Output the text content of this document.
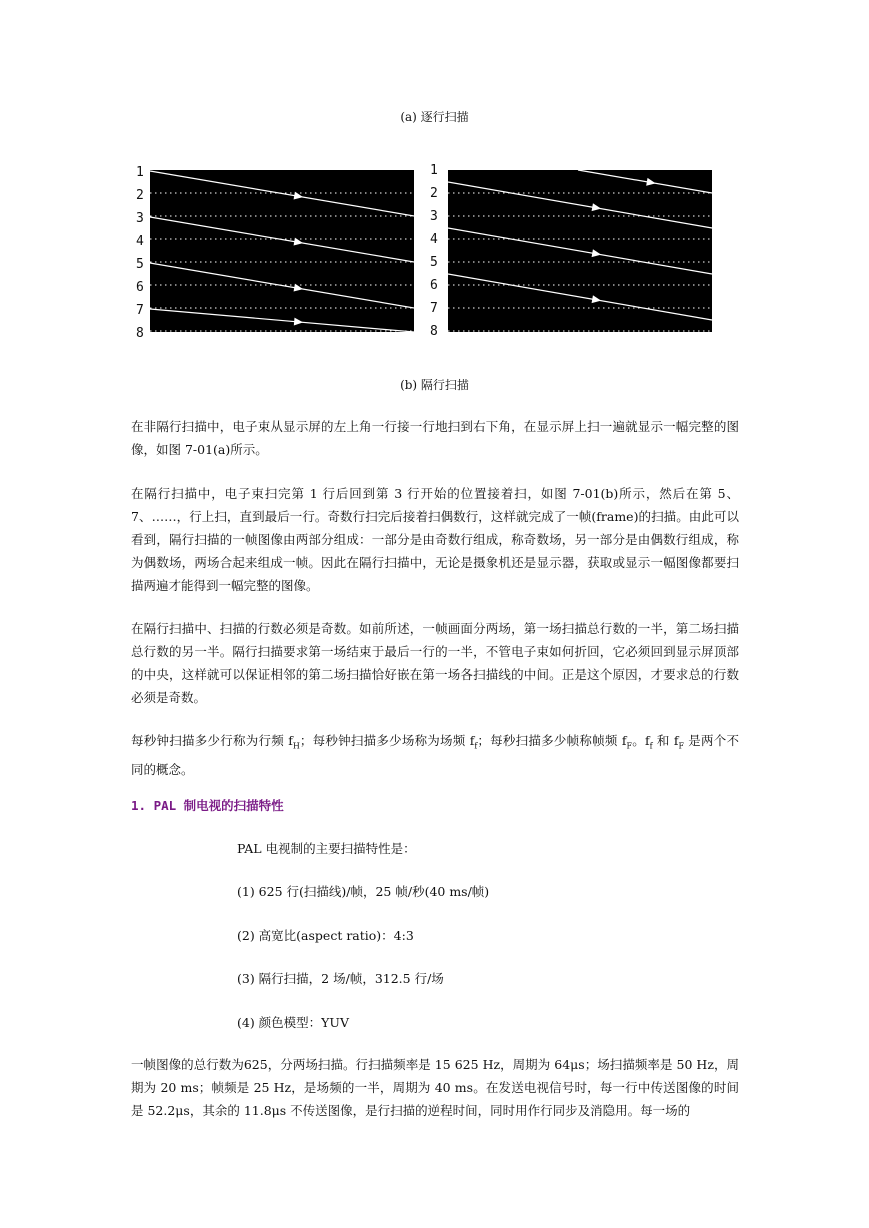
(a) 逐行扫描
1
2
3
4
5
6
7
8
1
2
3
4
5
6
7
8
(b) 隔行扫描

在非隔行扫描中，电子束从显示屏的左上角一行接一行地扫到右下角，在显示屏上扫一遍就显示一幅完整的图像，如图 7-01(a)所示。

在隔行扫描中，电子束扫完第 1 行后回到第 3 行开始的位置接着扫，如图 7-01(b)所示，然后在第 5、7、……，行上扫，直到最后一行。奇数行扫完后接着扫偶数行，这样就完成了一帧(frame)的扫描。由此可以看到，隔行扫描的一帧图像由两部分组成：一部分是由奇数行组成，称奇数场，另一部分是由偶数行组成，称为偶数场，两场合起来组成一帧。因此在隔行扫描中，无论是摄象机还是显示器，获取或显示一幅图像都要扫描两遍才能得到一幅完整的图像。

在隔行扫描中、扫描的行数必须是奇数。如前所述，一帧画面分两场，第一场扫描总行数的一半，第二场扫描总行数的另一半。隔行扫描要求第一场结束于最后一行的一半，不管电子束如何折回，它必须回到显示屏顶部的中央，这样就可以保证相邻的第二场扫描恰好嵌在第一场各扫描线的中间。正是这个原因，才要求总的行数必须是奇数。

每秒钟扫描多少行称为行频 $f_H$；每秒钟扫描多少场称为场频 $f_f$；每秒扫描多少帧称帧频 $f_F$。$f_f$ 和 $f_F$ 是两个不同的概念。

1. PAL 制电视的扫描特性

PAL 电视制的主要扫描特性是：

(1) 625 行(扫描线)/帧，25 帧/秒(40 ms/帧)

(2) 高宽比(aspect ratio)：4:3

(3) 隔行扫描，2 场/帧，312.5 行/场

(4) 颜色模型：YUV

一帧图像的总行数为625，分两场扫描。行扫描频率是 15 625 Hz，周期为 64μs；场扫描频率是 50 Hz，周期为 20 ms；帧频是 25 Hz，是场频的一半，周期为 40 ms。在发送电视信号时，每一行中传送图像的时间是 52.2μs，其余的 11.8μs 不传送图像，是行扫描的逆程时间，同时用作行同步及消隐用。每一场的
